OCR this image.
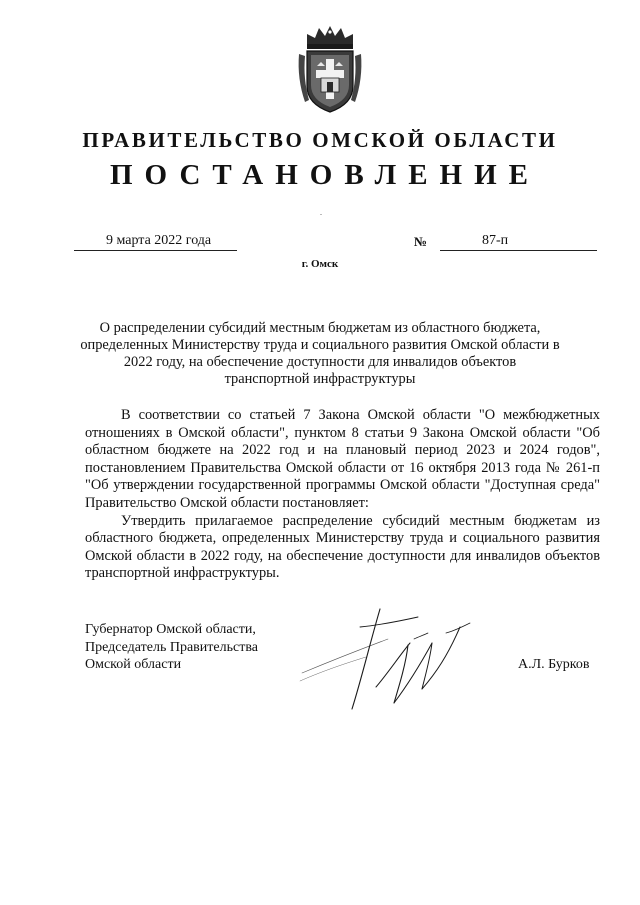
ПРАВИТЕЛЬСТВО ОМСКОЙ ОБЛАСТИ
ПОСТАНОВЛЕНИЕ
9 марта 2022 года	№	87-п
г. Омск
О распределении субсидий местным бюджетам из областного бюджета, определенных Министерству труда и социального развития Омской области в 2022 году, на обеспечение доступности для инвалидов объектов транспортной инфраструктуры

В соответствии со статьей 7 Закона Омской области "О межбюджетных отношениях в Омской области", пунктом 8 статьи 9 Закона Омской области "Об областном бюджете на 2022 год и на плановый период 2023 и 2024 годов", постановлением Правительства Омской области от 16 октября 2013 года № 261-п "Об утверждении государственной программы Омской области "Доступная среда" Правительство Омской области постановляет:

Утвердить прилагаемое распределение субсидий местным бюджетам из областного бюджета, определенных Министерству труда и социального развития Омской области в 2022 году, на обеспечение доступности для инвалидов объектов транспортной инфраструктуры.

Губернатор Омской области,
Председатель Правительства
Омской области	А.Л. Бурков
